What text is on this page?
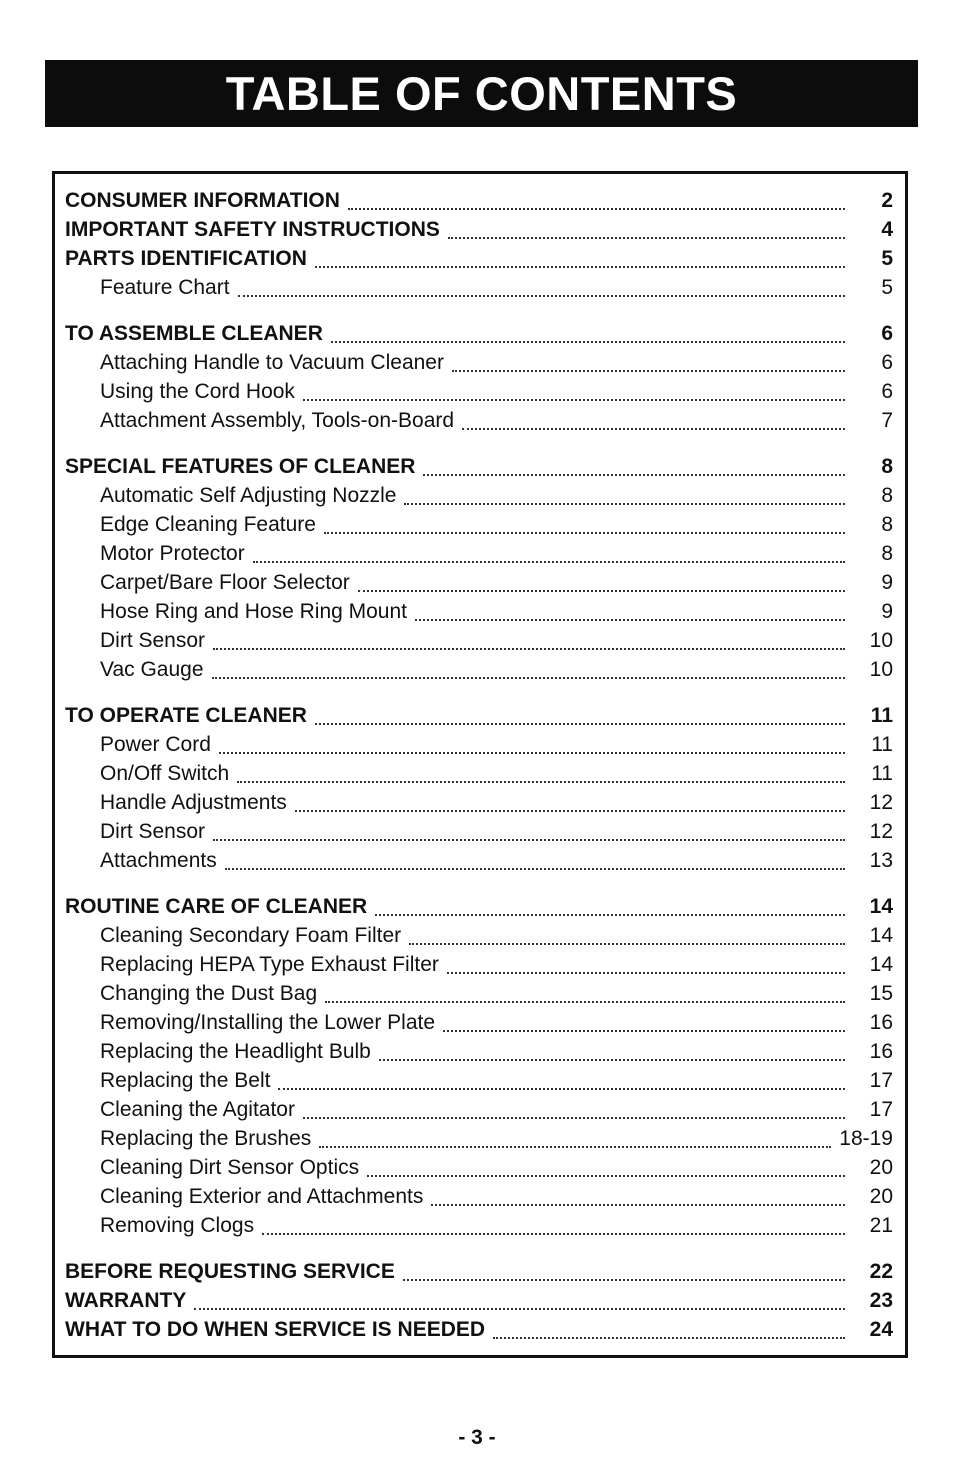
TABLE OF CONTENTS
CONSUMER INFORMATION	2
IMPORTANT SAFETY INSTRUCTIONS	4
PARTS IDENTIFICATION	5
Feature Chart	5
TO ASSEMBLE CLEANER	6
Attaching Handle to Vacuum Cleaner	6
Using the Cord Hook	6
Attachment Assembly, Tools-on-Board	7
SPECIAL FEATURES OF CLEANER	8
Automatic Self Adjusting Nozzle	8
Edge Cleaning Feature	8
Motor Protector	8
Carpet/Bare Floor Selector	9
Hose Ring and Hose Ring Mount	9
Dirt Sensor	10
Vac Gauge	10
TO OPERATE CLEANER	11
Power Cord	11
On/Off Switch	11
Handle Adjustments	12
Dirt Sensor	12
Attachments	13
ROUTINE CARE OF CLEANER	14
Cleaning Secondary Foam Filter	14
Replacing HEPA Type Exhaust Filter	14
Changing the Dust Bag	15
Removing/Installing the Lower Plate	16
Replacing the Headlight Bulb	16
Replacing the Belt	17
Cleaning the Agitator	17
Replacing the Brushes	18-19
Cleaning Dirt Sensor Optics	20
Cleaning Exterior and Attachments	20
Removing Clogs	21
BEFORE REQUESTING SERVICE	22
WARRANTY	23
WHAT TO DO WHEN SERVICE IS NEEDED	24
- 3 -
